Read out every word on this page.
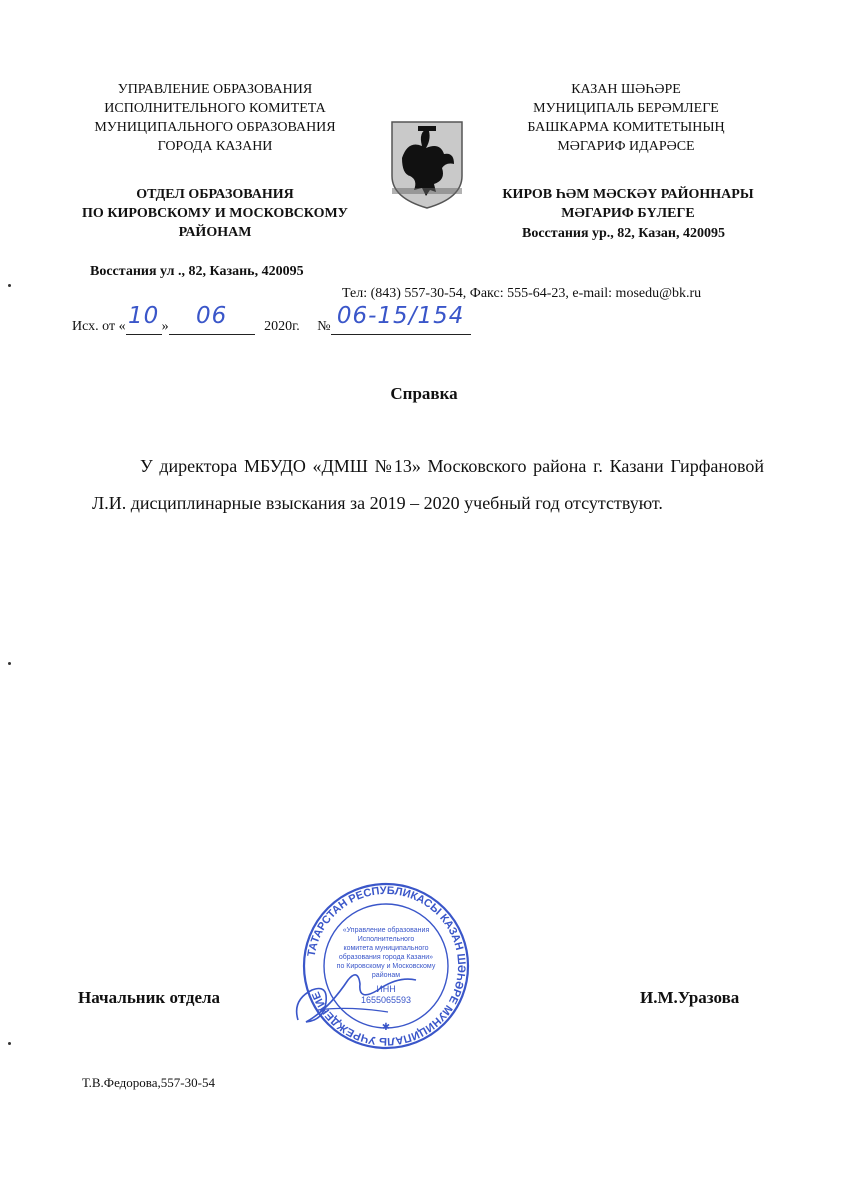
УПРАВЛЕНИЕ ОБРАЗОВАНИЯ
ИСПОЛНИТЕЛЬНОГО КОМИТЕТА
МУНИЦИПАЛЬНОГО ОБРАЗОВАНИЯ
ГОРОДА КАЗАНИ
ОТДЕЛ ОБРАЗОВАНИЯ
ПО КИРОВСКОМУ И МОСКОВСКОМУ
РАЙОНАМ
Восстания ул ., 82, Казань, 420095
КАЗАН ШӘҺӘРЕ
МУНИЦИПАЛЬ БЕРӘМЛЕГЕ
БАШКАРМА КОМИТЕТЫНЫҢ
МӘГАРИФ ИДАРӘСЕ
КИРОВ ҺӘМ МӘСКӘҮ РАЙОННАРЫ
МӘГАРИФ БҮЛЕГЕ
Восстания ур., 82, Казан, 420095
Тел: (843) 557-30-54, Факс: 555-64-23, e-mail: mosedu@bk.ru
Исх. от « 10 »	06	2020г. № 06-15/154
Справка
У директора МБУДО «ДМШ №13» Московского района г. Казани Гирфановой Л.И. дисциплинарные взыскания за 2019 – 2020 учебный год отсутствуют.
ТАТАРСТАН РЕСПУБЛИКАСЫ КАЗАН ШӘҺӘРЕ МУНИЦИПАЛЬ УЧРЕЖДЕНИЕ
«Управление образования
Исполнительного
комитета муниципального
образования города Казани»
по Кировскому и Московскому
районам
ИНН
1655065593
✱
Начальник отдела	И.М.Уразова
Т.В.Федорова,557-30-54
